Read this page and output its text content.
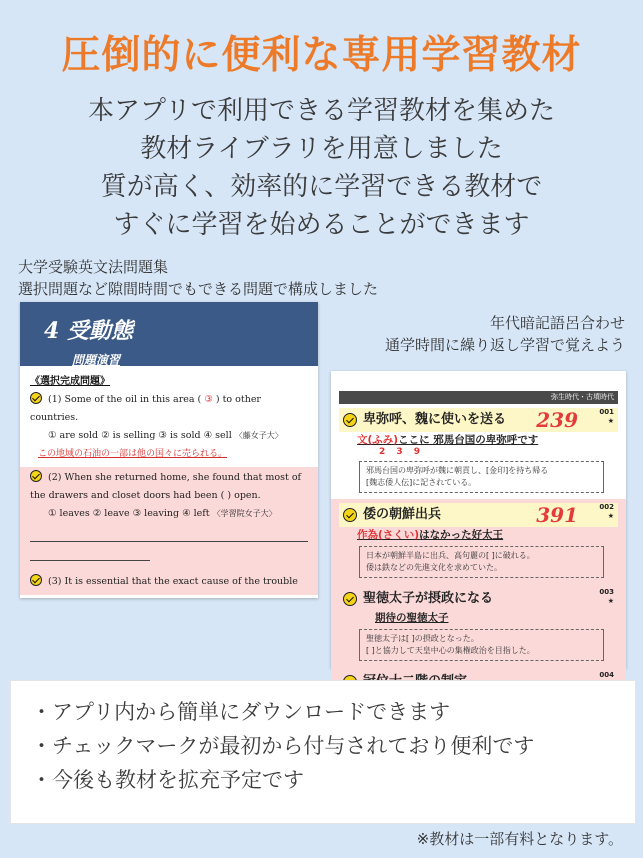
圧倒的に便利な専用学習教材
本アプリで利用できる学習教材を集めた
教材ライブラリを用意しました
質が高く、効率的に学習できる教材で
すぐに学習を始めることができます
大学受験英文法問題集
選択問題など隙間時間でもできる問題で構成しました
年代暗記語呂合わせ
通学時間に繰り返し学習で覚えよう
4 受動態
問題演習
《選択完成問題》
(1) Some of the oil in this area ( ③ ) to other countries.
① are sold ② is selling ③ is sold ④ sell 〈藤女子大〉
この地域の石油の一部は他の国々に売られる。
(2) When she returned home, she found that most of the drawers and closet doors had been ( ) open.
① leaves ② leave ③ leaving ④ left 〈学習院女子大〉
(3) It is essential that the exact cause of the trouble
弥生時代・古墳時代
卑弥呼、魏に使いを送る 239	001
★
文(ふみ)ここに 邪馬台国の卑弥呼です
2 3 9
邪馬台国の卑弥呼が魏に朝貢し、[金印]を持ち帰る
[魏志倭人伝]に記されている。
倭の朝鮮出兵	391	002
★
作為(さくい)はなかった好太王
日本が朝鮮半島に出兵、高句麗の[ ]に破れる。
倭は鉄などの先進文化を求めていた。
聖徳太子が摂政になる	003
★
期待の聖徳太子
聖徳太子は[ ]の摂政となった。
[ ]と協力して天皇中心の集権政治を目指した。
004
・アプリ内から簡単にダウンロードできます
・チェックマークが最初から付与されており便利です
・今後も教材を拡充予定です
※教材は一部有料となります。
